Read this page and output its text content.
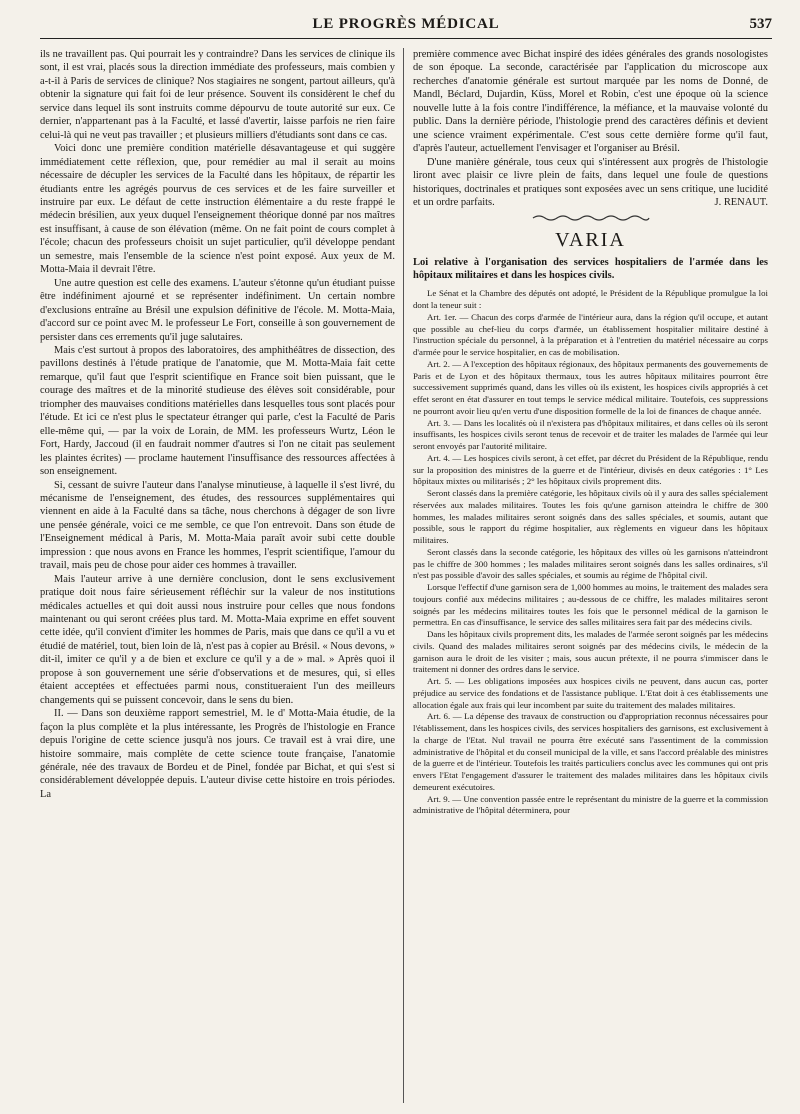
LE PROGRÈS MÉDICAL	537

ils ne travaillent pas. Qui pourrait les y contraindre? Dans les services de clinique ils sont, il est vrai, placés sous la direction immédiate des professeurs, mais combien y a-t-il à Paris de services de clinique? Nos stagiaires ne songent, partout ailleurs, qu'à obtenir la signature qui fait foi de leur présence. Souvent ils considèrent le chef du service dans lequel ils sont instruits comme dépourvu de toute autorité sur eux. Ce dernier, n'appartenant pas à la Faculté, et lassé d'avertir, laisse parfois ne rien faire celui-là qui ne veut pas travailler ; et plusieurs milliers d'étudiants sont dans ce cas.

Voici donc une première condition matérielle désavantageuse et qui suggère immédiatement cette réflexion, que, pour remédier au mal il serait au moins nécessaire de décupler les services de la Faculté dans les hôpitaux, de répartir les étudiants entre les agrégés pourvus de ces services et de les faire surveiller et instruire par eux. Le défaut de cette instruction élémentaire a du reste frappé le médecin brésilien, aux yeux duquel l'enseignement théorique donné par nos maîtres est insuffisant, à cause de son élévation (même. On ne fait point de cours complet à l'école; chacun des professeurs choisit un sujet particulier, qu'il développe pendant un semestre, mais l'ensemble de la science n'est point exposé. Aux yeux de M. Motta-Maia il devrait l'être.

Une autre question est celle des examens. L'auteur s'étonne qu'un étudiant puisse être indéfiniment ajourné et se représenter indéfiniment. Un certain nombre d'exclusions entraîne au Brésil une expulsion définitive de l'école. M. Motta-Maia, d'accord sur ce point avec M. le professeur Le Fort, conseille à son gouvernement de persister dans ces errements qu'il juge salutaires.

Mais c'est surtout à propos des laboratoires, des amphithéâtres de dissection, des pavillons destinés à l'étude pratique de l'anatomie, que M. Motta-Maia fait cette remarque, qu'il faut que l'esprit scientifique en France soit bien puissant, que le courage des maîtres et de la minorité studieuse des élèves soit considérable, pour triompher des mauvaises conditions matérielles dans lesquelles tous sont placés pour l'étude. Et ici ce n'est plus le spectateur étranger qui parle, c'est la Faculté de Paris elle-même qui, — par la voix de Lorain, de MM. les professeurs Wurtz, Léon le Fort, Hardy, Jaccoud (il en faudrait nommer d'autres si l'on ne citait pas seulement les plaintes écrites) — proclame hautement l'insuffisance des ressources affectées à son enseignement.

Si, cessant de suivre l'auteur dans l'analyse minutieuse, à laquelle il s'est livré, du mécanisme de l'enseignement, des études, des ressources supplémentaires qui viennent en aide à la Faculté dans sa tâche, nous cherchons à dégager de son livre une pensée générale, voici ce me semble, ce que l'on entrevoit. Dans son étude de l'Enseignement médical à Paris, M. Motta-Maia paraît avoir subi cette double impression : que nous avons en France les hommes, l'esprit scientifique, l'amour du travail, mais peu de chose pour aider ces hommes à travailler.

Mais l'auteur arrive à une dernière conclusion, dont le sens exclusivement pratique doit nous faire sérieusement réfléchir sur la valeur de nos institutions médicales actuelles et qui doit aussi nous instruire pour celles que nous fondons maintenant ou qui seront créées plus tard. M. Motta-Maia exprime en effet souvent cette idée, qu'il convient d'imiter les hommes de Paris, mais que dans ce qu'il a vu et étudié de matériel, tout, bien loin de là, n'est pas à copier au Brésil. « Nous devons, » dit-il, imiter ce qu'il y a de bien et exclure ce qu'il y a de » mal. » Après quoi il propose à son gouvernement une série d'observations et de mesures, qui, si elles étaient acceptées et effectuées parmi nous, constitueraient l'un des meilleurs changements qui se puissent concevoir, dans le sens du bien.

II. — Dans son deuxième rapport semestriel, M. le d' Motta-Maia étudie, de la façon la plus complète et la plus intéressante, les Progrès de l'histologie en France depuis l'origine de cette science jusqu'à nos jours. Ce travail est à vrai dire, une histoire sommaire, mais complète de cette science toute française, l'anatomie générale, née des travaux de Bordeu et de Pinel, fondée par Bichat, et qui s'est si considérablement développée depuis. L'auteur divise cette histoire en trois périodes. La

première commence avec Bichat inspiré des idées générales des grands nosologistes de son époque. La seconde, caractérisée par l'application du microscope aux recherches d'anatomie générale est surtout marquée par les noms de Donné, de Mandl, Béclard, Dujardin, Küss, Morel et Robin, c'est une époque où la science nouvelle lutte à la fois contre l'indifférence, la méfiance, et la mauvaise volonté du public. Dans la dernière période, l'histologie prend des caractères définis et devient une science vraiment expérimentale. C'est sous cette dernière forme qu'il faut, d'après l'auteur, actuellement l'envisager et l'organiser au Brésil.

D'une manière générale, tous ceux qui s'intéressent aux progrès de l'histologie liront avec plaisir ce livre plein de faits, dans lequel une foule de questions historiques, doctrinales et pratiques sont exposées avec un sens critique, une lucidité et un ordre parfaits.	J. RENAUT.
VARIA
Loi relative à l'organisation des services hospitaliers de l'armée dans les hôpitaux militaires et dans les hospices civils.

Le Sénat et la Chambre des députés ont adopté, le Président de la République promulgue la loi dont la teneur suit :

Art. 1er. — Chacun des corps d'armée de l'intérieur aura, dans la région qu'il occupe, et autant que possible au chef-lieu du corps d'armée, un établissement hospitalier militaire destiné à l'instruction spéciale du personnel, à la préparation et à l'entretien du matériel nécessaire au corps d'armée pour le service hospitalier, en cas de mobilisation.

Art. 2. — A l'exception des hôpitaux régionaux, des hôpitaux permanents des gouvernements de Paris et de Lyon et des hôpitaux thermaux, tous les autres hôpitaux militaires pourront être successivement supprimés quand, dans les villes où ils existent, les hospices civils appropriés à cet effet seront en état d'assurer en tout temps le service médical militaire. Toutefois, ces suppressions ne pourront avoir lieu qu'en vertu d'une disposition formelle de la loi de finances de chaque année.

Art. 3. — Dans les localités où il n'existera pas d'hôpitaux militaires, et dans celles où ils seront insuffisants, les hospices civils seront tenus de recevoir et de traiter les malades de l'armée qui leur seront envoyés par l'autorité militaire.

Art. 4. — Les hospices civils seront, à cet effet, par décret du Président de la République, rendu sur la proposition des ministres de la guerre et de l'intérieur, divisés en deux catégories : 1° Les hôpitaux mixtes ou militarisés ; 2° les hôpitaux civils proprement dits.

Seront classés dans la première catégorie, les hôpitaux civils où il y aura des salles spécialement réservées aux malades militaires. Toutes les fois qu'une garnison atteindra le chiffre de 300 hommes, les malades militaires seront soignés dans des salles spéciales, et soumis, autant que possible, sous le rapport du régime hospitalier, aux règlements en vigueur dans les hôpitaux militaires.

Seront classés dans la seconde catégorie, les hôpitaux des villes où les garnisons n'atteindront pas le chiffre de 300 hommes ; les malades militaires seront soignés dans les salles ordinaires, s'il n'est pas possible d'avoir des salles spéciales, et soumis au régime de l'hôpital civil.

Lorsque l'effectif d'une garnison sera de 1,000 hommes au moins, le traitement des malades sera toujours confié aux médecins militaires ; au-dessous de ce chiffre, les malades militaires seront soignés par les médecins militaires toutes les fois que le personnel médical de la garnison le permettra. En cas d'insuffisance, le service des salles militaires sera fait par des médecins civils.

Dans les hôpitaux civils proprement dits, les malades de l'armée seront soignés par les médecins civils. Quand des malades militaires seront soignés par des médecins civils, le médecin de la garnison aura le droit de les visiter ; mais, sous aucun prétexte, il ne pourra s'immiscer dans le traitement ni donner des ordres dans le service.

Art. 5. — Les obligations imposées aux hospices civils ne peuvent, dans aucun cas, porter préjudice au service des fondations et de l'assistance publique. L'Etat doit à ces établissements une allocation égale aux frais qui leur incombent par suite du traitement des malades militaires.

Art. 6. — La dépense des travaux de construction ou d'appropriation reconnus nécessaires pour l'établissement, dans les hospices civils, des services hospitaliers des garnisons, est exclusivement à la charge de l'Etat. Nul travail ne pourra être exécuté sans l'assentiment de la commission administrative de l'hôpital et du conseil municipal de la ville, et sans l'accord préalable des ministres de la guerre et de l'intérieur. Toutefois les traités particuliers conclus avec les communes qui ont pris envers l'Etat l'engagement d'assurer le traitement des malades militaires dans les hôpitaux civils demeurent exécutoires.

Art. 9. — Une convention passée entre le représentant du ministre de la guerre et la commission administrative de l'hôpital déterminera, pour
